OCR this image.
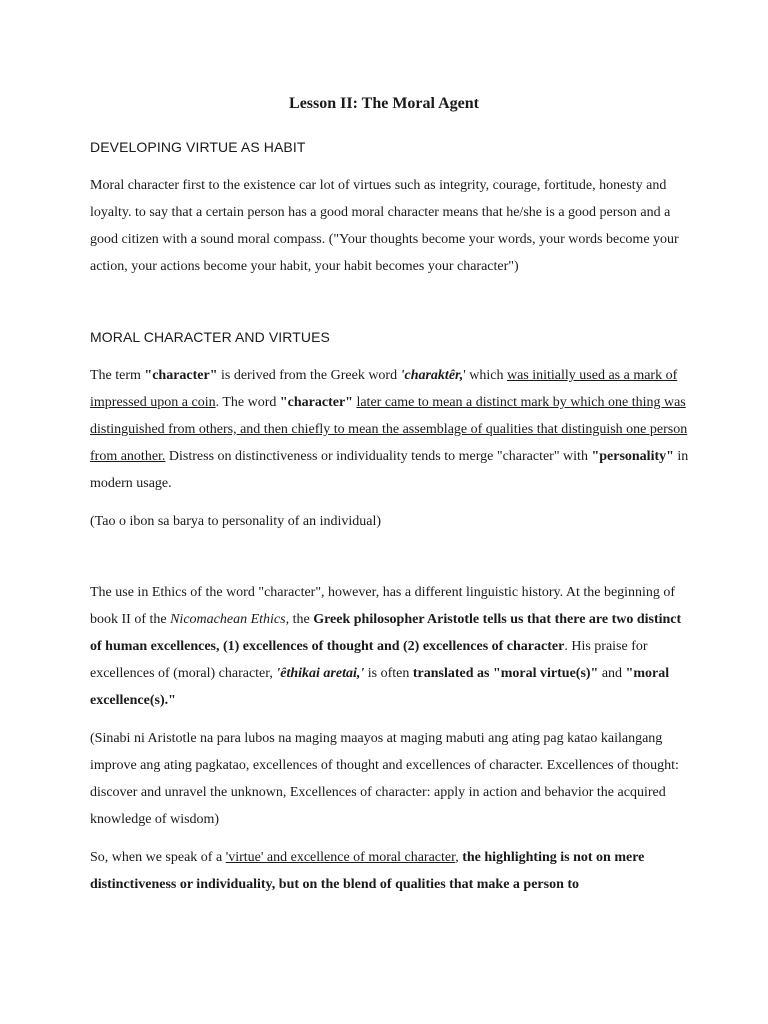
Lesson II: The Moral Agent

DEVELOPING VIRTUE AS HABIT

Moral character first to the existence car lot of virtues such as integrity, courage, fortitude, honesty and loyalty. to say that a certain person has a good moral character means that he/she is a good person and a good citizen with a sound moral compass. ("Your thoughts become your words, your words become your action, your actions become your habit, your habit becomes your character")

MORAL CHARACTER AND VIRTUES

The term "character" is derived from the Greek word 'charaktêr,' which was initially used as a mark of impressed upon a coin. The word "character" later came to mean a distinct mark by which one thing was distinguished from others, and then chiefly to mean the assemblage of qualities that distinguish one person from another. Distress on distinctiveness or individuality tends to merge "character" with "personality" in modern usage.

(Tao o ibon sa barya to personality of an individual)

The use in Ethics of the word "character", however, has a different linguistic history. At the beginning of book II of the Nicomachean Ethics, the Greek philosopher Aristotle tells us that there are two distinct of human excellences, (1) excellences of thought and (2) excellences of character. His praise for excellences of (moral) character, 'êthikai aretai,' is often translated as "moral virtue(s)" and "moral excellence(s)."

(Sinabi ni Aristotle na para lubos na maging maayos at maging mabuti ang ating pag katao kailangang improve ang ating pagkatao, excellences of thought and excellences of character. Excellences of thought: discover and unravel the unknown, Excellences of character: apply in action and behavior the acquired knowledge of wisdom)

So, when we speak of a 'virtue' and excellence of moral character, the highlighting is not on mere distinctiveness or individuality, but on the blend of qualities that make a person to
